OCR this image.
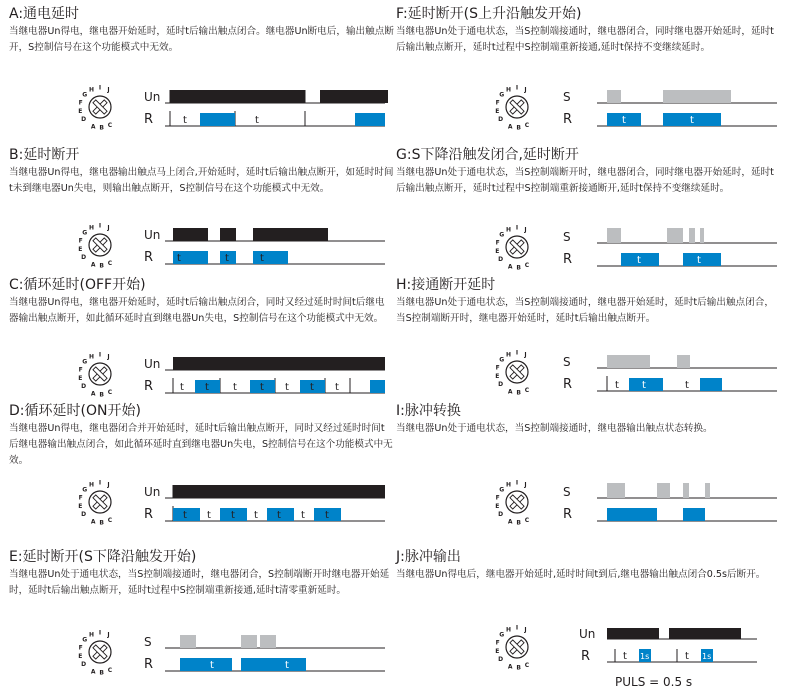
A:通电延时
当继电器Un得电，继电器开始延时，延时t后输出触点闭合。继电器Un断电后，输出触点断开，S控制信号在这个功能模式中无效。
D
E
F
G
H I J
A B C
Un
R	t	t
B:延时断开
当继电器Un得电，继电器输出触点马上闭合,开始延时，延时t后输出触点断开，如延时时间t未到继电器Un失电，则输出触点断开，S控制信号在这个功能模式中无效。
D
E
F
G
H I J
A B C
Un
R t	t	t
C:循环延时(OFF开始)
当继电器Un得电，继电器开始延时，延时t后输出触点闭合，同时又经过延时时间t后继电器输出触点断开，如此循环延时直到继电器Un失电，S控制信号在这个功能模式中无效。
D
E
F
G
H I J
A B C
Un
R	t t t t t t t
D:循环延时(ON开始)
当继电器Un得电，继电器闭合并开始延时，延时t后输出触点断开，同时又经过延时时间t后继电器输出触点闭合，如此循环延时直到继电器Un失电，S控制信号在这个功能模式中无效。
D
E
F
G
H I J
A B C
Un
R	t t t t t t t
E:延时断开(S下降沿触发开始)
当继电器Un处于通电状态，当S控制端接通时，继电器闭合，S控制端断开时继电器开始延时，延时t后输出触点断开，延时t过程中S控制端重新接通,延时t清零重新延时。
D
E
F
G
H I J
A B C
S
R	t	t
F:延时断开(S上升沿触发开始)
当继电器Un处于通电状态，当S控制端接通时，继电器闭合，同时继电器开始延时，延时t后输出触点断开，延时t过程中S控制端重新接通,延时t保持不变继续延时。
D
E
F
G
H I J
A B C
S
R	t	t
G:S下降沿触发闭合,延时断开
当继电器Un处于通电状态，当S控制端断开时，继电器闭合，同时继电器开始延时，延时t后输出触点断开，延时t过程中S控制端重新接通断开,延时t保持不变继续延时。
D
E
F
G
H I J
A B C
S
R	t	t
H:接通断开延时
当继电器Un处于通电状态，当S控制端接通时，继电器开始延时，延时t后输出触点闭合，当S控制端断开时，继电器开始延时，延时t后输出触点断开。
D
E
F
G
H I J
A B C
S
R	t t	t
I:脉冲转换
当继电器Un处于通电状态，当S控制端接通时，继电器输出触点状态转换。
D
E
F
G
H I J
A B C
S
R
J:脉冲输出
当继电器Un得电后，继电器开始延时,延时时间t到后,继电器输出触点闭合0.5s后断开。
D
E
F
G
H I J
A B C
Un
R	t	t
1s	1s
PULS = 0.5 s
